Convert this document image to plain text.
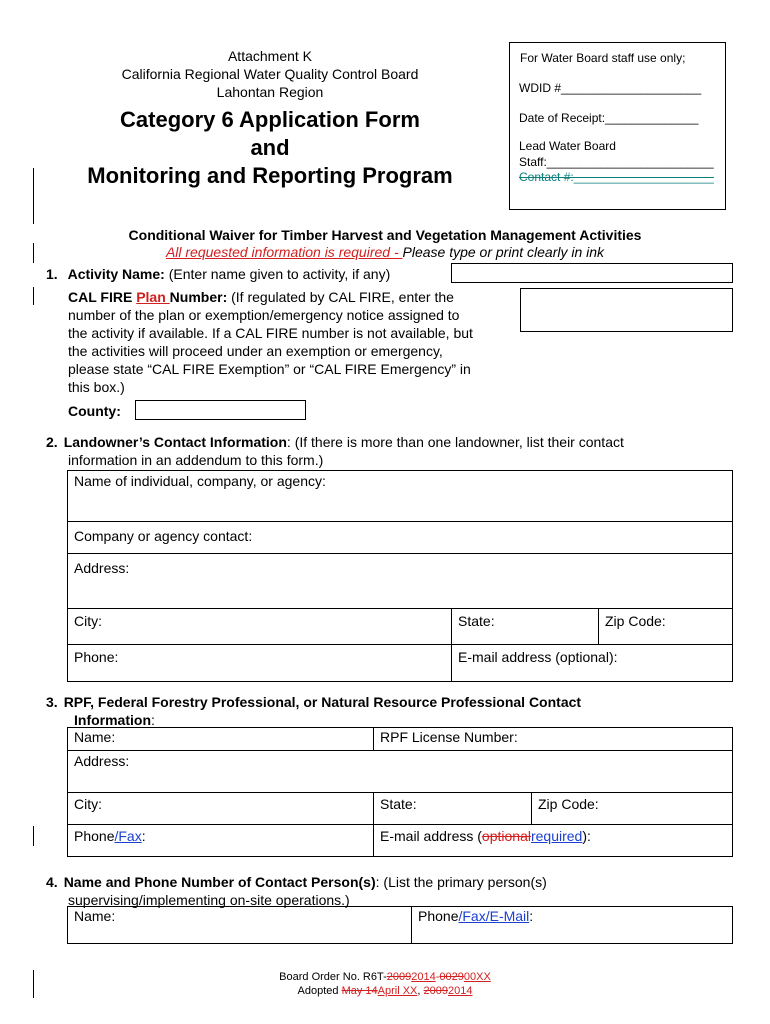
Attachment K
California Regional Water Quality Control Board
Lahontan Region
Category 6 Application Form
and
Monitoring and Reporting Program
For Water Board staff use only;
WDID #_____________________
Date of Receipt:______________
Lead Water Board
Staff:_________________________
Contact #:_____________________
Conditional Waiver for Timber Harvest and Vegetation Management Activities
All requested information is required - Please type or print clearly in ink
1. Activity Name: (Enter name given to activity, if any)
CAL FIRE Plan Number: (If regulated by CAL FIRE, enter the
number of the plan or exemption/emergency notice assigned to
the activity if available. If a CAL FIRE number is not available, but
the activities will proceed under an exemption or emergency,
please state “CAL FIRE Exemption” or “CAL FIRE Emergency” in
this box.)
County:
2. Landowner’s Contact Information: (If there is more than one landowner, list their contact
information in an addendum to this form.)
Name of individual, company, or agency:
Company or agency contact:
Address:
City:	State:	Zip Code:
Phone:	E-mail address (optional):
3. RPF, Federal Forestry Professional, or Natural Resource Professional Contact
Information:
Name:	RPF License Number:
Address:
City:	State:	Zip Code:
Phone/Fax:	E-mail address (optionalrequired):
4. Name and Phone Number of Contact Person(s): (List the primary person(s)
supervising/implementing on-site operations.)
Name:	Phone/Fax/E-Mail:
Board Order No. R6T-20092014-002900XX
Adopted May 14April XX, 20092014
